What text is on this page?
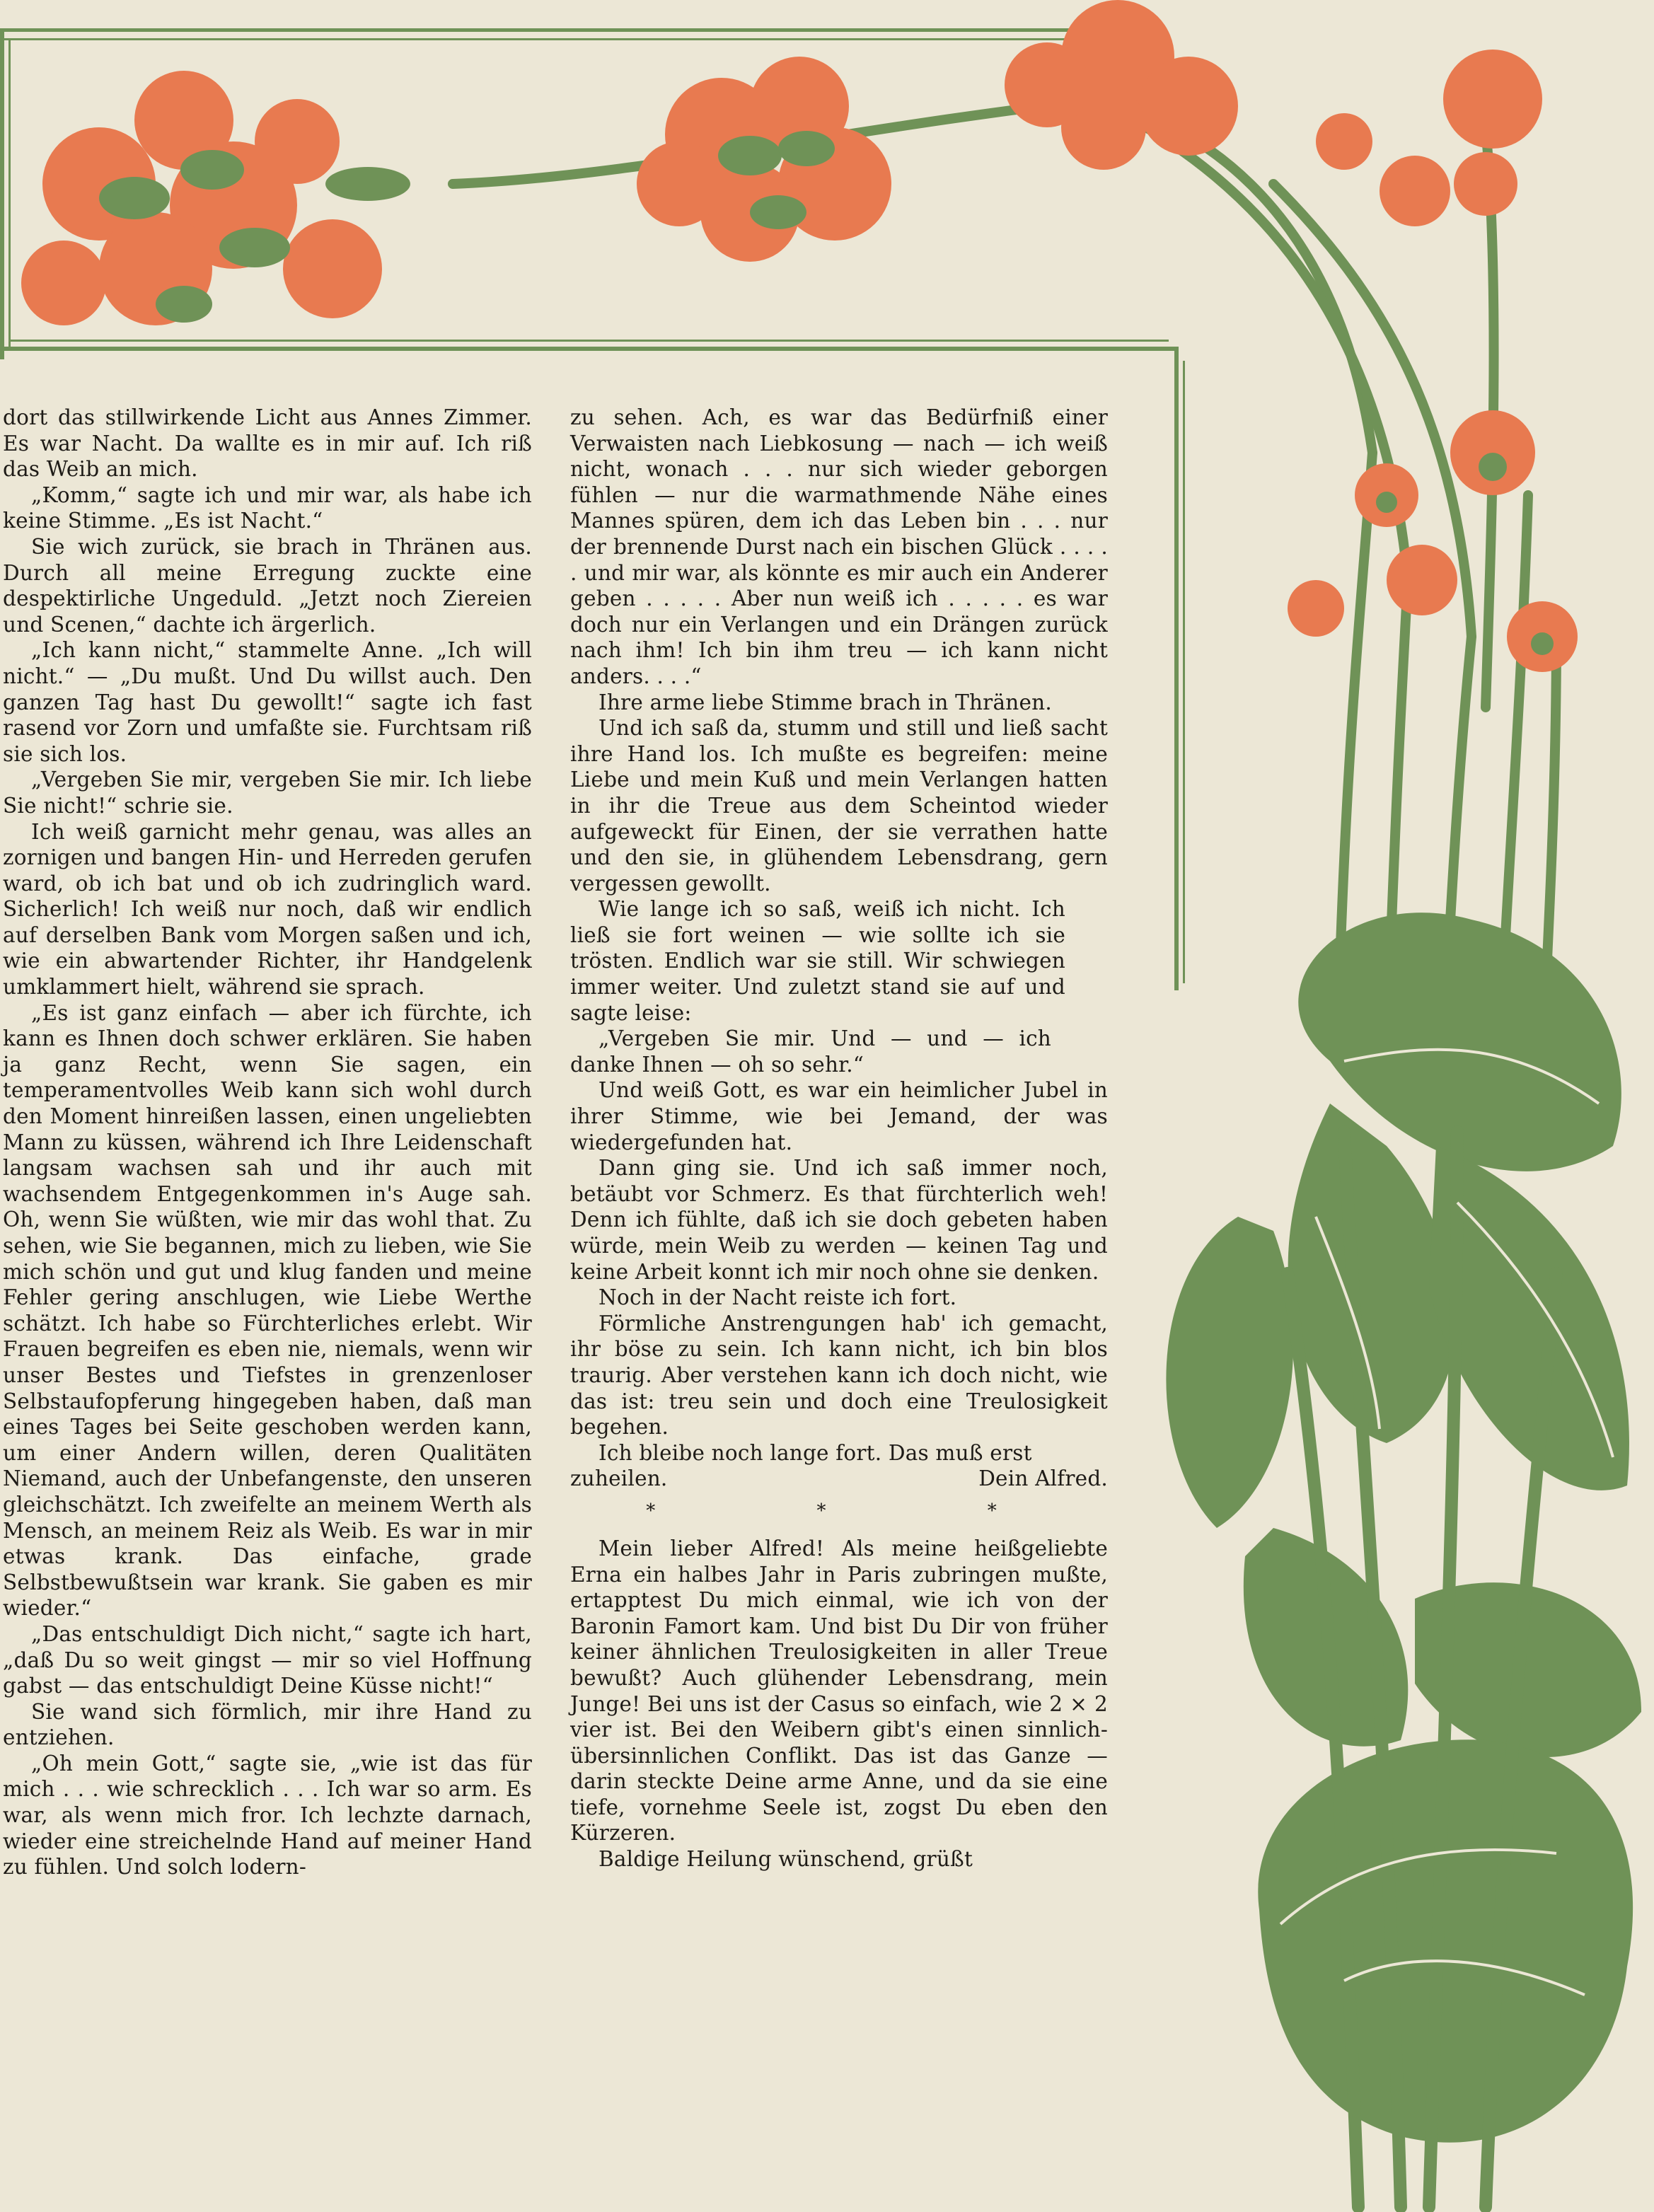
dort das stillwirkende Licht aus Annes Zimmer. Es war Nacht. Da wallte es in mir auf. Ich riß das Weib an mich.

„Komm,“ sagte ich und mir war, als habe ich keine Stimme. „Es ist Nacht.“

Sie wich zurück, sie brach in Thränen aus. Durch all meine Erregung zuckte eine despektirliche Ungeduld. „Jetzt noch Ziereien und Scenen,“ dachte ich ärgerlich.

„Ich kann nicht,“ stammelte Anne. „Ich will nicht.“ — „Du mußt. Und Du willst auch. Den ganzen Tag hast Du gewollt!“ sagte ich fast rasend vor Zorn und umfaßte sie. Furchtsam riß sie sich los.

„Vergeben Sie mir, vergeben Sie mir. Ich liebe Sie nicht!“ schrie sie.

Ich weiß garnicht mehr genau, was alles an zornigen und bangen Hin- und Herreden gerufen ward, ob ich bat und ob ich zudringlich ward. Sicherlich! Ich weiß nur noch, daß wir endlich auf derselben Bank vom Morgen saßen und ich, wie ein abwartender Richter, ihr Handgelenk umklammert hielt, während sie sprach.

„Es ist ganz einfach — aber ich fürchte, ich kann es Ihnen doch schwer erklären. Sie haben ja ganz Recht, wenn Sie sagen, ein temperamentvolles Weib kann sich wohl durch den Moment hinreißen lassen, einen ungeliebten Mann zu küssen, während ich Ihre Leidenschaft langsam wachsen sah und ihr auch mit wachsendem Entgegenkommen in's Auge sah. Oh, wenn Sie wüßten, wie mir das wohl that. Zu sehen, wie Sie begannen, mich zu lieben, wie Sie mich schön und gut und klug fanden und meine Fehler gering anschlugen, wie Liebe Werthe schätzt. Ich habe so Fürchterliches erlebt. Wir Frauen begreifen es eben nie, niemals, wenn wir unser Bestes und Tiefstes in grenzenloser Selbstaufopferung hingegeben haben, daß man eines Tages bei Seite geschoben werden kann, um einer Andern willen, deren Qualitäten Niemand, auch der Unbefangenste, den unseren gleichschätzt. Ich zweifelte an meinem Werth als Mensch, an meinem Reiz als Weib. Es war in mir etwas krank. Das einfache, grade Selbstbewußtsein war krank. Sie gaben es mir wieder.“

„Das entschuldigt Dich nicht,“ sagte ich hart, „daß Du so weit gingst — mir so viel Hoffnung gabst — das entschuldigt Deine Küsse nicht!“

Sie wand sich förmlich, mir ihre Hand zu entziehen.

„Oh mein Gott,“ sagte sie, „wie ist das für mich . . . wie schrecklich . . . Ich war so arm. Es war, als wenn mich fror. Ich lechzte darnach, wieder eine streichelnde Hand auf meiner Hand zu fühlen. Und solch lodern-

zu sehen. Ach, es war das Bedürfniß einer Verwaisten nach Liebkosung — nach — ich weiß nicht, wonach . . . nur sich wieder geborgen fühlen — nur die warmathmende Nähe eines Mannes spüren, dem ich das Leben bin . . . nur der brennende Durst nach ein bischen Glück . . . . . und mir war, als könnte es mir auch ein Anderer geben . . . . . Aber nun weiß ich . . . . . es war doch nur ein Verlangen und ein Drängen zurück nach ihm! Ich bin ihm treu — ich kann nicht anders. . . .“

Ihre arme liebe Stimme brach in Thränen.

Und ich saß da, stumm und still und ließ sacht ihre Hand los. Ich mußte es begreifen: meine Liebe und mein Kuß und mein Verlangen hatten in ihr die Treue aus dem Scheintod wieder aufgeweckt für Einen, der sie verrathen hatte und den sie, in glühendem Lebensdrang, gern vergessen gewollt.

Wie lange ich so saß, weiß ich nicht. Ich ließ sie fort weinen — wie sollte ich sie trösten. Endlich war sie still. Wir schwiegen immer weiter. Und zuletzt stand sie auf und sagte leise:

„Vergeben Sie mir. Und — und — ich danke Ihnen — oh so sehr.“

Und weiß Gott, es war ein heimlicher Jubel in ihrer Stimme, wie bei Jemand, der was wiedergefunden hat.

Dann ging sie. Und ich saß immer noch, betäubt vor Schmerz. Es that fürchterlich weh! Denn ich fühlte, daß ich sie doch gebeten haben würde, mein Weib zu werden — keinen Tag und keine Arbeit konnt ich mir noch ohne sie denken.

Noch in der Nacht reiste ich fort.

Förmliche Anstrengungen hab' ich gemacht, ihr böse zu sein. Ich kann nicht, ich bin blos traurig. Aber verstehen kann ich doch nicht, wie das ist: treu sein und doch eine Treulosigkeit begehen.

Ich bleibe noch lange fort. Das muß erst

zuheilen.	Dein Alfred.
* * *

Mein lieber Alfred! Als meine heißgeliebte Erna ein halbes Jahr in Paris zubringen mußte, ertapptest Du mich einmal, wie ich von der Baronin Famort kam. Und bist Du Dir von früher keiner ähnlichen Treulosigkeiten in aller Treue bewußt? Auch glühender Lebensdrang, mein Junge! Bei uns ist der Casus so einfach, wie 2 × 2 vier ist. Bei den Weibern gibt's einen sinnlich-übersinnlichen Conflikt. Das ist das Ganze — darin steckte Deine arme Anne, und da sie eine tiefe, vornehme Seele ist, zogst Du eben den Kürzeren.

Baldige Heilung wünschend, grüßt
